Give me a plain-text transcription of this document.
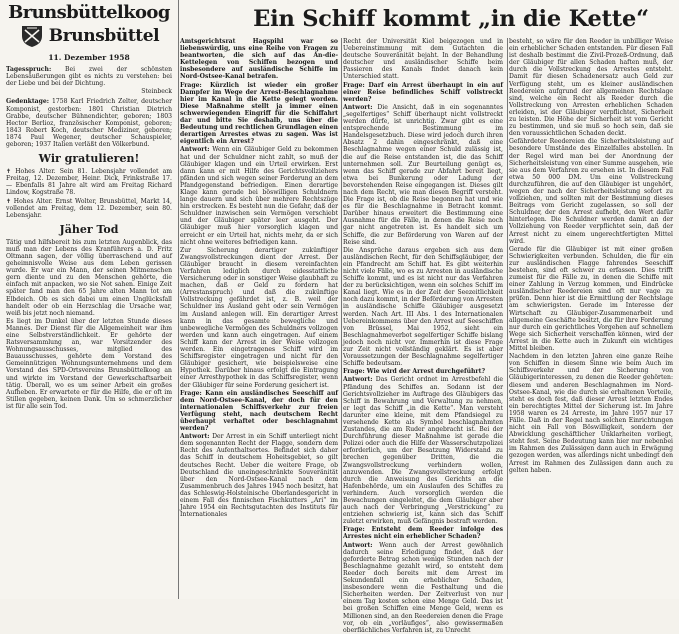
Brunsbüttelkoog
Brunsbüttel
11. Dezember 1958

Tagesspruch: Bei zwei der schönsten Lebensäußerungen gibt es nichts zu verstehen: bei der Liebe und bei der Dichtung.

Steinbeck

Gedenktage: 1758 Karl Friedrich Zelter, deutscher Komponist, gestorben: 1801 Christian Dietrich Grabbe, deutscher Bühnendichter, geboren; 1803 Hector Berlioz, französischer Komponist, geboren; 1843 Robert Koch, deutscher Mediziner, geboren; 1874 Paul Wegener, deutscher Schauspieler, geboren; 1937 Italien verläßt den Völkerbund.

Wir gratulieren!

✝ Hohes Alter. Sein 81. Lebensjahr vollendet am Freitag, 12. Dezember, Heinr. Dick, Frinkstraße 17. — Ebenfalls 81 Jahre alt wird am Freitag Richard Lindow, Kogstraße 78.

✝ Hohes Alter. Ernst Wolter, Brunsbüttel, Markt 14, vollendet am Freitag, dem 12. Dezember, sein 80. Lebensjahr.

Jäher Tod

Tätig und hilfsbereit bis zum letzten Augenblick, das muß man der Lebens des Kranführers a. D. Fritz Oltmann sagen, der völlig überraschend und auf geheimnisvolle Weise aus dem Leben gerissen wurde. Er war ein Mann, der seinen Mitmenschen gern diente und zu den Menschen gehörte, die einfach mit anpacken, wo sie Not sahen. Einige Zeit später fand man den 65 Jahre alten Mann tot am Elbdeich. Ob es sich dabei um einen Unglücksfall handelt oder ob ein Herzschlag die Ursache war, weiß bis jetzt noch niemand.

Es liegt im Dunkel über der letzten Stunde dieses Mannes. Der Dienst für die Allgemeinheit war ihm eine Selbstverständlichkeit. Er gehörte der Ratsversammlung an, war Vorsitzender des Wohnungsausschusses, mitglied des Bauausschusses, gehörte dem Vorstand des Gemeinnützigen Wohnungsunternehmens und dem Vorstand des SPD-Ortsvereins Brunsbüttelkoog an und wirkte im Vorstand der Gewerkschaftsarbeit tätig. Überall, wo es um seiner Arbeit ein großes Aufheben. Er erwartete er für die Hilfe, die er oft im Stillen gegeben, keinen Dank. Um so schmerzlicher ist für alle sein Tod.

Ein Schiff kommt „in die Kette“

Amtsgerichtsrat Hagspihl war so liebenswürdig, uns eine Reihe von Fragen zu beantworten, die sich auf das An-die-Kettelegen von Schiffen bezogen und insbesondere auf ausländische Schiffe im Nord-Ostsee-Kanal betrafen.

Frage: Kürzlich ist wieder ein großer Dampfer im Wege der Arrest-Beschlagnahme hier im Kanal in die Kette gelegt worden. Diese Maßnahme stellt ja immer einen schwerwiegenden Eingriff für die Schiffahrt dar und bitte Sie deshalb, uns über die Bedeutung und rechtlichen Grundlagen einen derartigen Arrestes etwas zu sagen. Was ist eigentlich ein Arrest?

Antwort: Wenn ein Gläubiger Geld zu bekommen hat und der Schuldner nicht zahlt, so muß der Gläubiger klagen und ein Urteil erwirken. Erst dann kann er mit Hilfe des Gerichtsvollziehers pfänden und sich wegen seiner Forderung an dem Pfandgegenstand befriedigen. Einen derartige Klage kann gerade bei böswilligen Schuldnern lange dauern und sich über mehrere Rechtszüge hin erstrecken. Es besteht nun die Gefahr, daß der Schuldner inzwischen sein Vermögen verschiebt und der Gläubiger später leer ausgeht. Der Gläubiger muß hier vorsorglich klagen und erreicht er ein Urteil hat, nichts mehr, da er sich nicht ohne weiteres befriedigen kann.

Zur Sicherung derartiger zukünftiger Zwangsvollstreckungen dient der Arrest. Der Gläubiger braucht in diesem vereinfachten Verfahren lediglich durch eidesstattliche Versicherung oder in sonstiger Weise glaubhaft zu machen, daß er Geld zu fordern hat (Arrestanspruch) und daß die zukünftige Vollstreckung gefährdet ist, z. B. weil der Schuldner ins Ausland geht oder sein Vermögen im Ausland anlegen will. Ein derartiger Arrest kann in das gesamte bewegliche und unbewegliche Vermögen des Schuldners vollzogen werden und kann auch eingetragen. Auf einem Schiff kann der Arrest in der Weise vollzogen werden. Ein eingetragenes Schiff wird im Schiffsregister eingetragen und nicht für den Gläubiger gesichert, wie beispielsweise eine Hypothek. Darüber hinaus erfolgt die Eintragung einer Arresthypothek in das Schiffsregister, wenn der Gläubiger für seine Forderung gesichert ist.

Frage: Kann ein ausländisches Seeschiff auf dem Nord-Ostsee-Kanal, der doch für den internationalen Schiffsverkehr zur freien Verfügung steht, nach deutschem Recht überhaupt verhaftet oder beschlagnahmt werden?

Antwort: Der Arrest in ein Schiff unterliegt nicht dem sogenannten Recht der Flagge, sondern dem Recht des Aufenthaltsortes. Befindet sich daher das Schiff in deutschem Hoheitsgebiet, so gilt deutsches Recht. Ueber die weitere Frage, ob Deutschland die uneingeschränkte Souveränität über den Nord-Ostsee-Kanal nach dem Zusammenbruch des Jahres 1945 noch besitzt, hat das Schleswig-Holsteinische Oberlandesgericht in einem Fall des finnischen Fischkutters „Ari“ im Jahre 1954 ein Rechtsgutachten des Instituts für Internationales

Recht der Universität Kiel beigezogen und in Uebereinstimmung mit dem Gutachten die deutsche Souveränität bejaht. In der Behandlung deutscher und ausländischer Schiffe beim Passieren des Kanals findet danach kein Unterschied statt.

Frage: Darf ein Arrest überhaupt in ein auf einer Reise befindliches Schiff vollstreckt werden?

Antwort: Die Ansicht, daß in ein sogenanntes „segelfertiges“ Schiff überhaupt nicht vollstreckt werden dürfe, ist unrichtig. Zwar gibt es eine entsprechende Bestimmung im Handelsgesetzbuch. Diese wird jedoch durch ihren Absatz 2 dahin eingeschränkt, daß eine Beschlagnahme wegen einer Schuld zulässig ist, die auf die Reise entstanden ist, die das Schiff unternehmen soll. Zur Beurteilung genügt es, wenn das Schiff gerade zur Abfahrt bereit liegt, etwa bei Bunkerung oder Ladung der bevorstehenden Reise eingegangen ist. Dieses gilt nach dem Recht, wie man diesen Begriff versteht. Die Frage ist, ob die Reise begonnen hat und wie es für die Beschlagnahme in Betracht kommt. Darüber hinaus erweitert die Bestimmung eine Ausnahme für die Fälle, in denen die Reise noch gar nicht angetreten ist. Es handelt sich um Schiffe, die zur Beförderung von Waren auf der Reise sind.

Die Ansprüche daraus ergeben sich aus dem ausländischen Recht, für den Schiffsgläubiger, der ein Pfandrecht am Schiff hat. Es gibt weiterhin nicht viele Fälle, wo es zu Arresten in ausländische Schiffe kommt, und es ist nicht nur das Verfahren der zu berücksichtigen, wenn ein solches Schiff im Kanal liegt. Wie es in der Zeit der Seezeitlichkeit noch dazu kommt, in der Beförderung von Arresten in ausländische Schiffe Gläubiger ausgesetzt werden. Nach Art. III Abs. 1 des Internationalen Uebereinkommens über den Arrest auf Seeschiffen von Brüssel, Mai 1952, sieht ein Beschlagnahmeverbot segelfertiger Schiffe bislang jedoch noch nicht vor. Immerhin ist diese Frage zur Zeit nicht vollständig geklärt. Es ist aber Voraussetzungen der Beschlagnahme segelfertiger Schiffe bedeutsam.

Frage: Wie wird der Arrest durchgeführt?

Antwort: Das Gericht ordnet im Arrestbefehl die Pfändung des Schiffes an. Sodann ist der Gerichtsvollzieher im Auftrage des Gläubigers das Schiff in Bewahrung und Verwaltung zu nehmen, er legt das Schiff „in die Kette“. Man versteht darunter eine kleine, mit dem Pfandsiegel zu versehende Kette als Symbol beschlagnahmten Zustandes, die am Ruder angebracht ist. Bei der Durchführung dieser Maßnahme ist gerade die Polizei oder auch die Hilfe der Wasserschutzpolizei erforderlich, um der Besatzung Widerstand zu brechen gegenüber Dritten, die die Zwangsvollstreckung verhindern wollen, anzuwenden. Die Zwangsvollstreckung erfolgt durch die Anweisung des Gerichts an die Hafenbehörde, um ein Auslaufen des Schiffes zu verhindern. Auch vorsorglich werden die Bewachungen eingeleitet, die dem Gläubiger aber auch nach der Verbringung „Verstrickung“ zu entziehen schwierig ist, kann sich das Schiff zuletzt erwirken, muß Gefängnis bestraft werden.

Frage: Entsteht dem Reeder infolge des Arrestes nicht ein erheblicher Schaden?

Antwort: Wenn auch der Arrest gewöhnlich dadurch seine Erledigung findet, daß der geforderte Betrag schon wenige Stunden nach der Beschlagnahme gezahlt wird, so entsteht dem Reeder doch bereits mit dem Arrest im Sekundenfall ein erheblicher Schaden, insbesondere wenn die Festhaltung und die Sicherheiten werden. Der Zeitverlust von nur einem Tag kosten schon eine Menge Geld. Das ist bei großen Schiffen eine Menge Geld, wenn es Millionen sind, an den Reedereien denen die Frage vor, ob ein „vorläufiges“, also gewissermaßen oberflächliches Verfahren ist, zu Unrecht

besteht, so wäre für den Reeder in unbilliger Weise ein erheblicher Schaden entstanden. Für diesen Fall ist deshalb bestimmt die Zivil-Prozeß-Ordnung, daß der Gläubiger für allen Schaden haften muß, der durch die Vollstreckung des Arrestes entsteht. Damit für diesen Schadenersatz auch Geld zur Verfügung steht, um es kleiner ausländischen Reedereien aufgrund der allgemeinen Rechtslage sind, welche ein Recht als Reeder durch die Vollstreckung von Arresten erheblichen Schaden erleiden, ist der Gläubiger verpflichtet, Sicherheit zu leisten. Die Höhe der Sicherheit ist vom Gericht zu bestimmen, und sie muß so hoch sein, daß sie den voraussichtlichen Schaden deckt.

Gefährdeter Reedereien die Sicherheitsleistung auf besondere Umstände des Einzelfalles abstellen. In der Regel wird man bei der Anordnung der Sicherheitsleistung von einer Summe ausgehen, wie sie aus dem Verfahren zu ersehen ist. In diesem Fall etwa 50 000 DM. Um eine Vollstreckung durchzuführen, die auf den Gläubiger ist ungehört, wegen der nach der Sicherheitsleistung sofort zu vollziehen, und sollten mit der Bestimmung dieses Beitrags vom Gericht zugelassen, so soll der Schuldner, der den Arrest aufhebt, den Wert dafür hinterlegen. Die Schuldner werden damit an der Vollziehung von Reeder verpflichtet sein, daß der Arrest nicht zu einem ungerechtfertigten Mittel wird.

Gerade für die Gläubiger ist mit einer großen Schwierigkeiten verbunden. Schulden, die für ein zur ausländischen Flagge fahrendes Seeschiff bestehen, sind oft schwer zu erfassen. Dies trifft zumeist für die Fälle zu, in denen die Schiffe mit einer Zahlung in Verzug kommen, und Eindrücke ausländischer Reedereien sind oft nur vage zu prüfen. Denn hier ist die Ermittlung der Rechtslage am schwierigsten. Gerade im Interesse der Wirtschaft zu Gläubiger-Zusammenarbeit und allgemeine Geschäfte besitzt, die für ihre Forderung nur durch ein gerichtliches Vorgehen auf schnellem Wege sich Sicherheit verschaffen können, wird der Arrest in die Kette auch in Zukunft ein wichtiges Mittel bleiben.

Nachdem in den letzten Jahren eine ganze Reihe von Schiffen in diesem Sinne wie beim Auch im Schiffsverkehr und der Sicherung von Gläubigerinteressen, zu denen die Reeder gehörten: diesem und anderen Beschlagnahmen im Nord-Ostsee-Kanal, wie die durch sie erhaltenen Vorteile, steht es doch fest, daß dieser Arrest letzten Endes ein berechtigtes Mittel der Sicherung ist. Im Jahre 1958 waren es 24 Arreste, im Jahre 1957 nur 17 Fälle. Daß in der Regel nach solchen Einrichtungen nicht ein Fall von Böswilligkeit, sondern der Abwicklung geschäftlicher Unklarheiten vorliegt, steht fest. Seine Bedeutung kann hier nur nebenbei im Rahmen des Zulässigen dann auch in Erwägung gezogen werden, was allerdings nicht unbedingt den Arrest im Rahmen des Zulässigen dann auch zu gelten haben.
